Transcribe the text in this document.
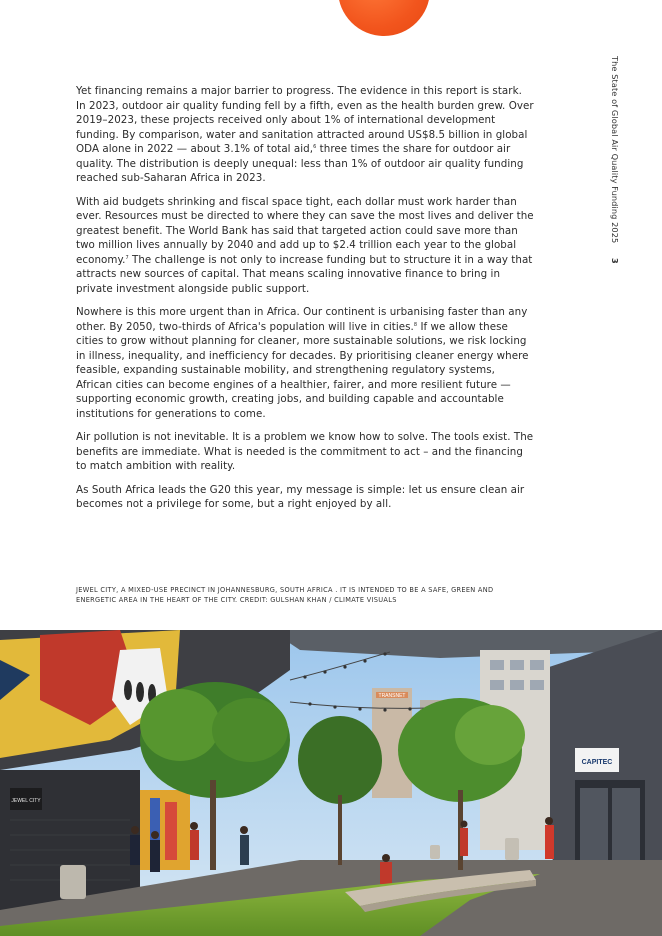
The State of Global Air Quality Funding 2025 3

Yet financing remains a major barrier to progress. The evidence in this report is stark. In 2023, outdoor air quality funding fell by a fifth, even as the health burden grew. Over 2019–2023, these projects received only about 1% of international development funding. By comparison, water and sanitation attracted around US$8.5 billion in global ODA alone in 2022 — about 3.1% of total aid,$^6$ three times the share for outdoor air quality. The distribution is deeply unequal: less than 1% of outdoor air quality funding reached sub-Saharan Africa in 2023.

With aid budgets shrinking and fiscal space tight, each dollar must work harder than ever. Resources must be directed to where they can save the most lives and deliver the greatest benefit. The World Bank has said that targeted action could save more than two million lives annually by 2040 and add up to $2.4 trillion each year to the global economy.$^7$ The challenge is not only to increase funding but to structure it in a way that attracts new sources of capital. That means scaling innovative finance to bring in private investment alongside public support.

Nowhere is this more urgent than in Africa. Our continent is urbanising faster than any other. By 2050, two-thirds of Africa's population will live in cities.$^8$ If we allow these cities to grow without planning for cleaner, more sustainable solutions, we risk locking in illness, inequality, and inefficiency for decades. By prioritising cleaner energy where feasible, expanding sustainable mobility, and strengthening regulatory systems, African cities can become engines of a healthier, fairer, and more resilient future — supporting economic growth, creating jobs, and building capable and accountable institutions for generations to come.

Air pollution is not inevitable. It is a problem we know how to solve. The tools exist. The benefits are immediate. What is needed is the commitment to act – and the financing to match ambition with reality.

As South Africa leads the G20 this year, my message is simple: let us ensure clean air becomes not a privilege for some, but a right enjoyed by all.

JEWEL CITY, A MIXED-USE PRECINCT IN JOHANNESBURG, SOUTH AFRICA . IT IS INTENDED TO BE A SAFE, GREEN AND ENERGETIC AREA IN THE HEART OF THE CITY. CREDIT: GULSHAN KHAN / CLIMATE VISUALS
TRANSNET
JEWEL CITY
CAPITEC
